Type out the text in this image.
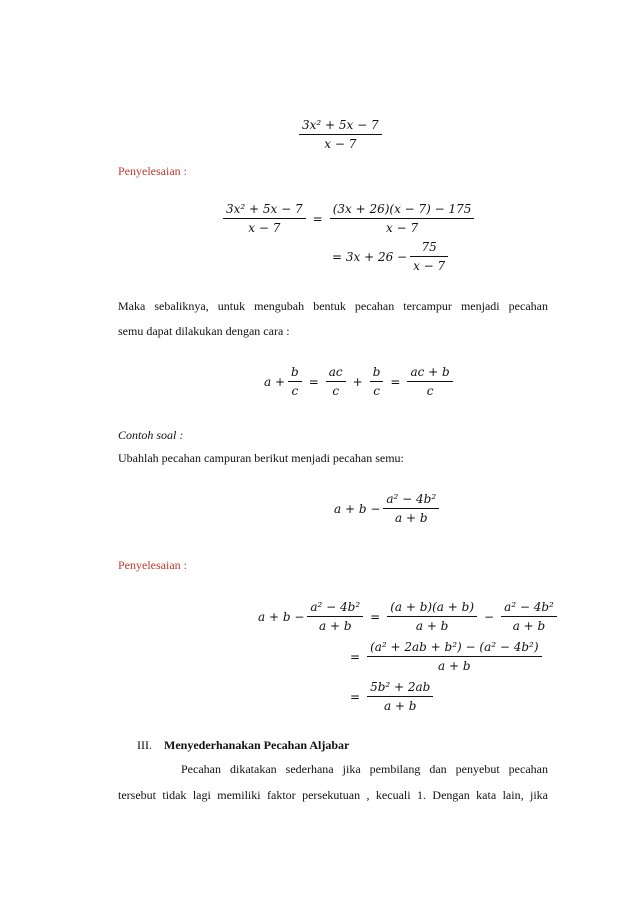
$\frac{\text{3x² + 5x − 7}}{x - 7}$
Penyelesaian :
$\frac{\text{3x² + 5x − 7}}{x - 7} = \frac{(3x + 26)(x - 7) - 175}{x - 7}$
= $3x + 26 - \frac{75}{x - 7}$
Maka sebaliknya, untuk mengubah bentuk pecahan tercampur menjadi pecahan
semu dapat dilakukan dengan cara :
$a + \frac{b}{c} = \frac{ac}{c} + \frac{b}{c} = \frac{ac + b}{c}$
Contoh soal :
Ubahlah pecahan campuran berikut menjadi pecahan semu:
$a + b - \frac{\text{a² − 4b²}}{a + b}$
Penyelesaian :
$a + b - \frac{\text{a² − 4b²}}{a + b} = \frac{(a + b)(a + b)}{a + b} - \frac{\text{a² − 4b²}}{a + b}$
= $\frac{\text{(a² + 2ab + b²) − (a² − 4b²)}}{a + b}$
= $\frac{\text{5b² + 2ab}}{a + b}$
III. Menyederhanakan Pecahan Aljabar
Pecahan dikatakan sederhana jika pembilang dan penyebut pecahan
tersebut tidak lagi memiliki faktor persekutuan , kecuali 1. Dengan kata lain, jika
